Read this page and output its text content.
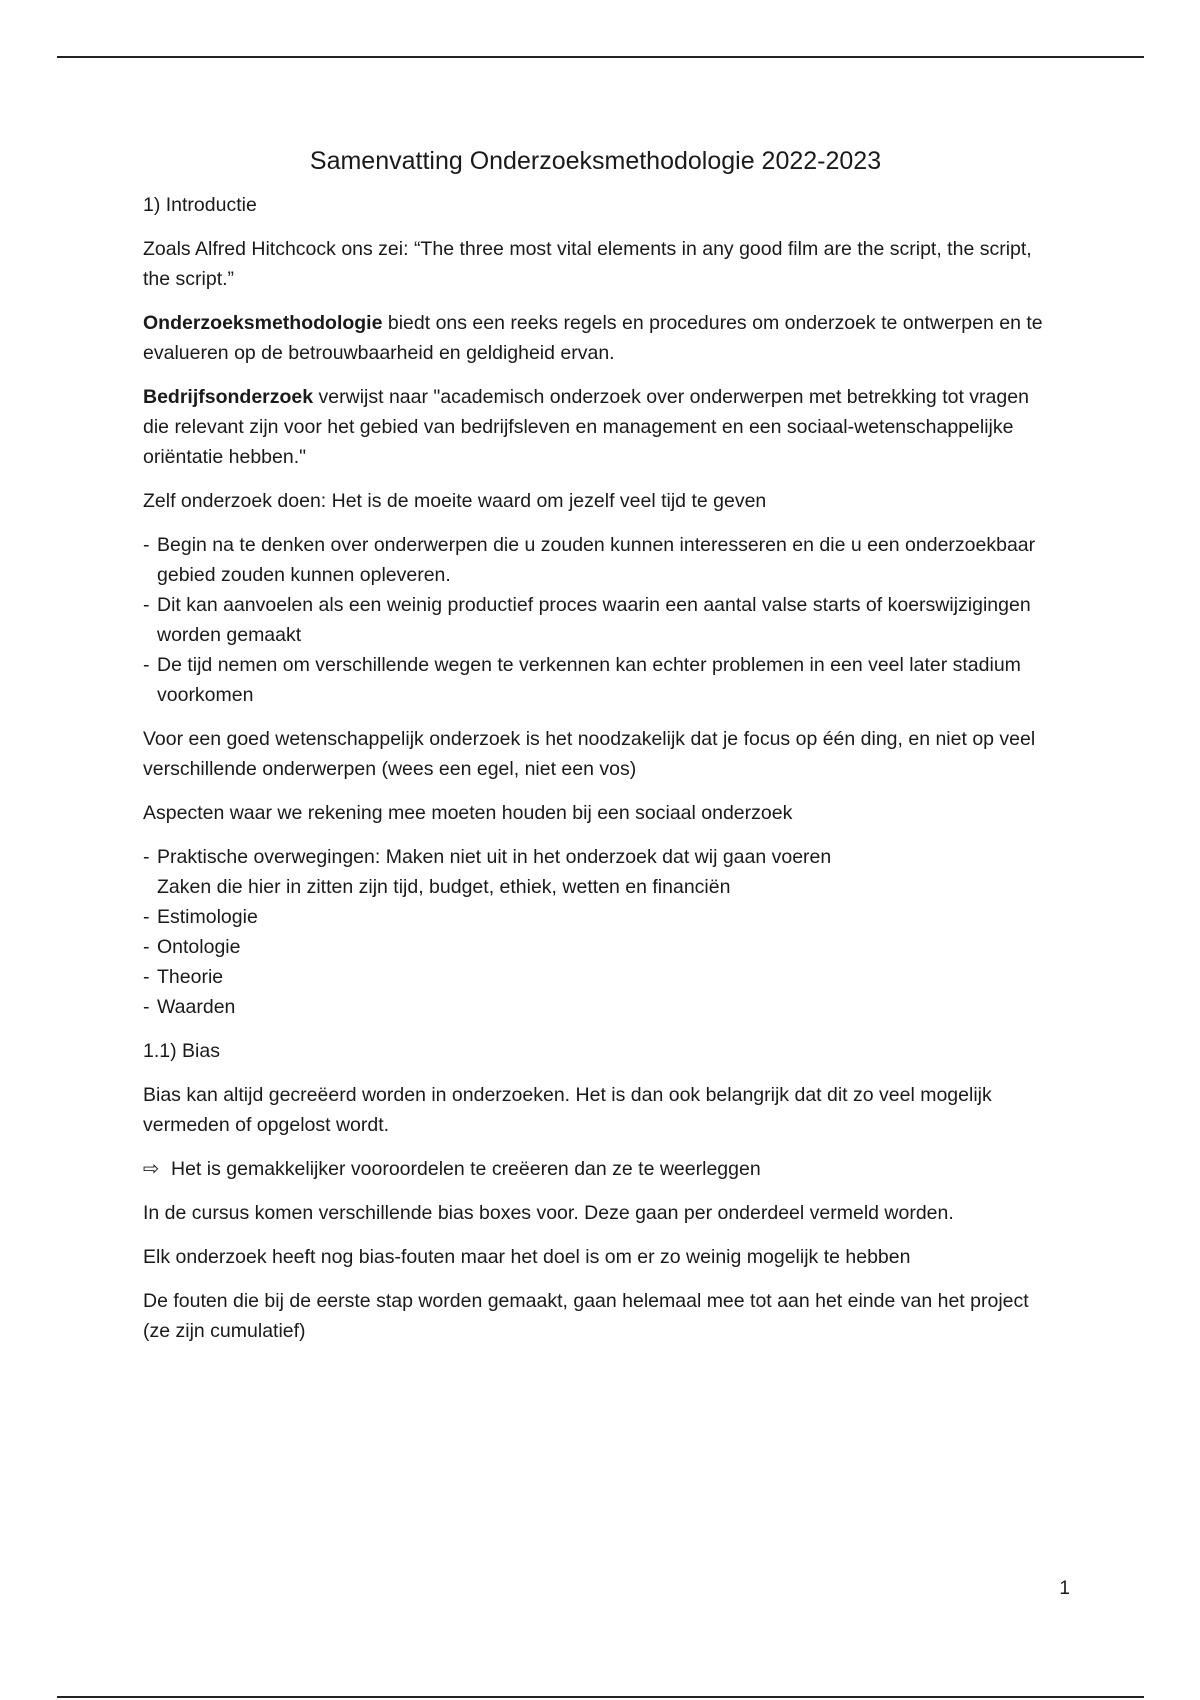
Samenvatting Onderzoeksmethodologie 2022-2023

1) Introductie

Zoals Alfred Hitchcock ons zei: “The three most vital elements in any good film are the script, the script, the script.”

Onderzoeksmethodologie biedt ons een reeks regels en procedures om onderzoek te ontwerpen en te evalueren op de betrouwbaarheid en geldigheid ervan.

Bedrijfsonderzoek verwijst naar "academisch onderzoek over onderwerpen met betrekking tot vragen die relevant zijn voor het gebied van bedrijfsleven en management en een sociaal-wetenschappelijke oriëntatie hebben."

Zelf onderzoek doen: Het is de moeite waard om jezelf veel tijd te geven

- Begin na te denken over onderwerpen die u zouden kunnen interesseren en die u een onderzoekbaar gebied zouden kunnen opleveren.
- Dit kan aanvoelen als een weinig productief proces waarin een aantal valse starts of koerswijzigingen worden gemaakt
- De tijd nemen om verschillende wegen te verkennen kan echter problemen in een veel later stadium voorkomen

Voor een goed wetenschappelijk onderzoek is het noodzakelijk dat je focus op één ding, en niet op veel verschillende onderwerpen (wees een egel, niet een vos)

Aspecten waar we rekening mee moeten houden bij een sociaal onderzoek

- Praktische overwegingen: Maken niet uit in het onderzoek dat wij gaan voeren
Zaken die hier in zitten zijn tijd, budget, ethiek, wetten en financiën
- Estimologie
- Ontologie
- Theorie
- Waarden

1.1) Bias

Bias kan altijd gecreëerd worden in onderzoeken. Het is dan ook belangrijk dat dit zo veel mogelijk vermeden of opgelost wordt.

⇨ Het is gemakkelijker vooroordelen te creëeren dan ze te weerleggen

In de cursus komen verschillende bias boxes voor. Deze gaan per onderdeel vermeld worden.

Elk onderzoek heeft nog bias-fouten maar het doel is om er zo weinig mogelijk te hebben

De fouten die bij de eerste stap worden gemaakt, gaan helemaal mee tot aan het einde van het project (ze zijn cumulatief)

1
